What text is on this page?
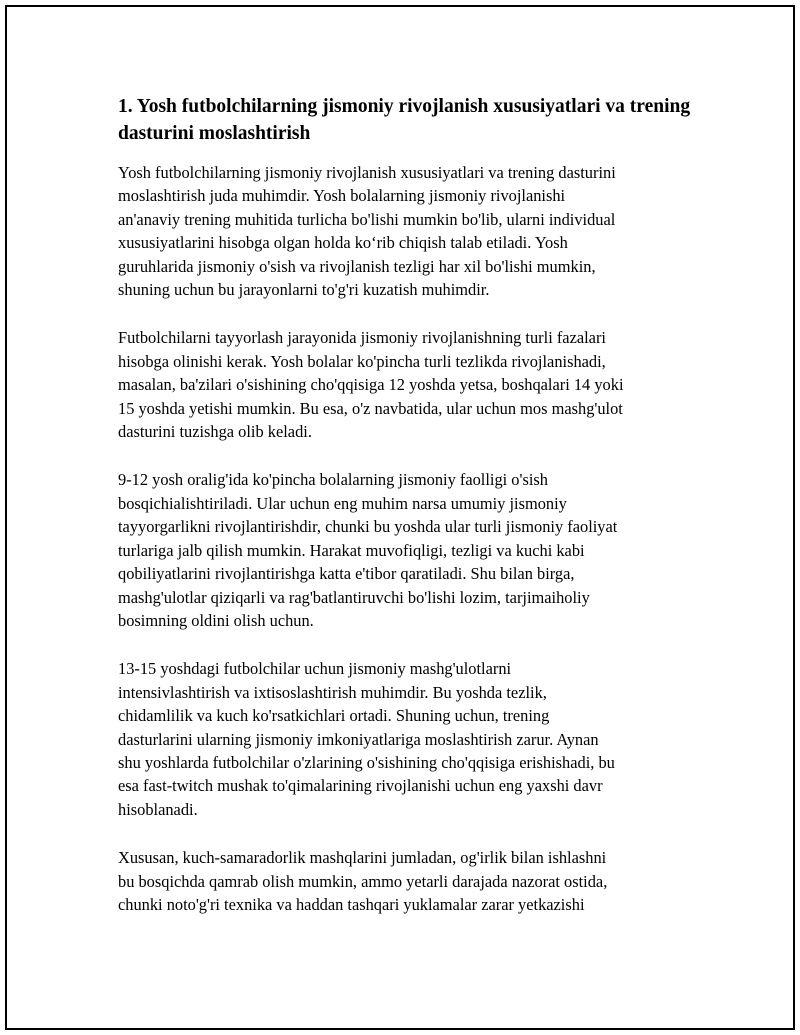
1. Yosh futbolchilarning jismoniy rivojlanish xususiyatlari va trening dasturini moslashtirish

Yosh futbolchilarning jismoniy rivojlanish xususiyatlari va trening dasturini
moslashtirish juda muhimdir. Yosh bolalarning jismoniy rivojlanishi
an'anaviy trening muhitida turlicha bo'lishi mumkin bo'lib, ularni individual
xususiyatlarini hisobga olgan holda ko‘rib chiqish talab etiladi. Yosh
guruhlarida jismoniy o'sish va rivojlanish tezligi har xil bo'lishi mumkin,
shuning uchun bu jarayonlarni to'g'ri kuzatish muhimdir.

Futbolchilarni tayyorlash jarayonida jismoniy rivojlanishning turli fazalari
hisobga olinishi kerak. Yosh bolalar ko'pincha turli tezlikda rivojlanishadi,
masalan, ba'zilari o'sishining cho'qqisiga 12 yoshda yetsa, boshqalari 14 yoki
15 yoshda yetishi mumkin. Bu esa, o'z navbatida, ular uchun mos mashg'ulot
dasturini tuzishga olib keladi.

9-12 yosh oralig'ida ko'pincha bolalarning jismoniy faolligi o'sish
bosqichialishtiriladi. Ular uchun eng muhim narsa umumiy jismoniy
tayyorgarlikni rivojlantirishdir, chunki bu yoshda ular turli jismoniy faoliyat
turlariga jalb qilish mumkin. Harakat muvofiqligi, tezligi va kuchi kabi
qobiliyatlarini rivojlantirishga katta e'tibor qaratiladi. Shu bilan birga,
mashg'ulotlar qiziqarli va rag'batlantiruvchi bo'lishi lozim, tarjimaiholiy
bosimning oldini olish uchun.

13-15 yoshdagi futbolchilar uchun jismoniy mashg'ulotlarni
intensivlashtirish va ixtisoslashtirish muhimdir. Bu yoshda tezlik,
chidamlilik va kuch ko'rsatkichlari ortadi. Shuning uchun, trening
dasturlarini ularning jismoniy imkoniyatlariga moslashtirish zarur. Aynan
shu yoshlarda futbolchilar o'zlarining o'sishining cho'qqisiga erishishadi, bu
esa fast-twitch mushak to'qimalarining rivojlanishi uchun eng yaxshi davr
hisoblanadi.

Xususan, kuch-samaradorlik mashqlarini jumladan, og'irlik bilan ishlashni
bu bosqichda qamrab olish mumkin, ammo yetarli darajada nazorat ostida,
chunki noto'g'ri texnika va haddan tashqari yuklamalar zarar yetkazishi
